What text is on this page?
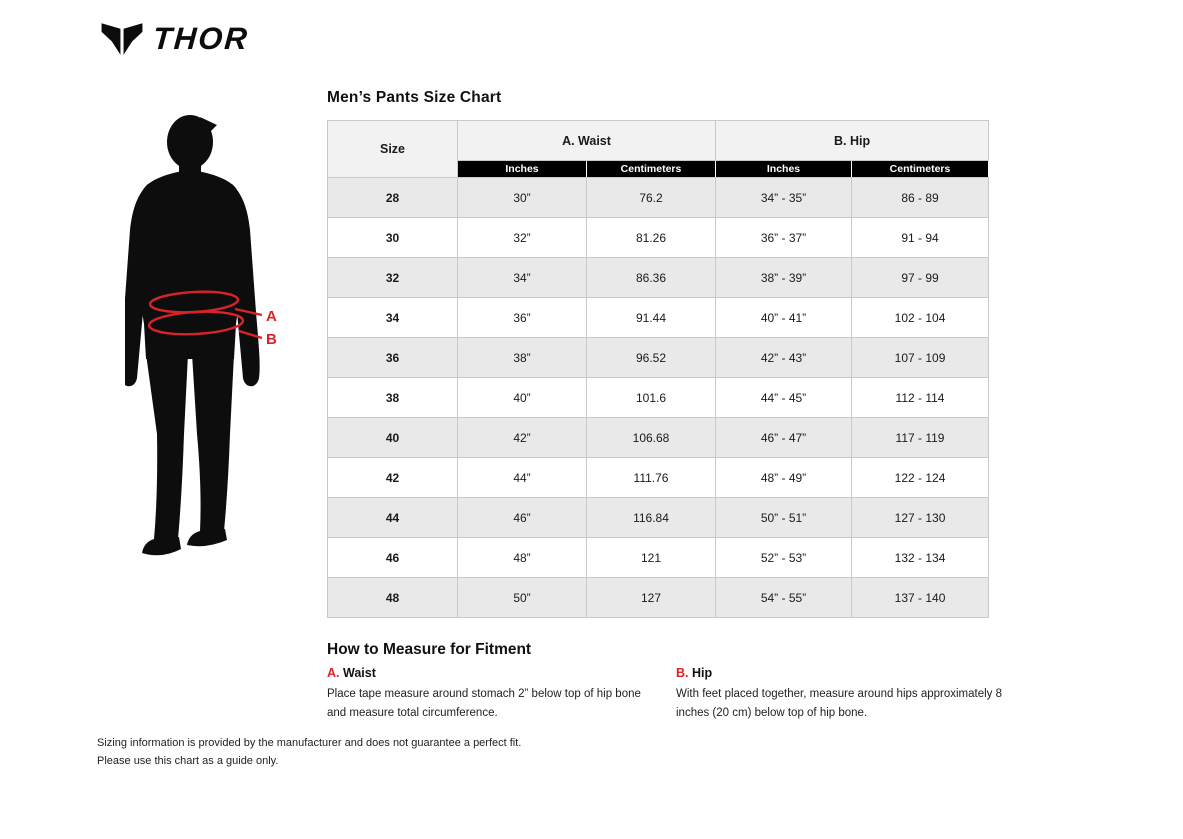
THOR
A
B
Men’s Pants Size Chart
Size	A. Waist		B. Hip	
	Inches	Centimeters	Inches	Centimeters
28	30”	76.2	34” - 35”	86 - 89
30	32”	81.26	36” - 37”	91 - 94
32	34”	86.36	38” - 39”	97 - 99
34	36”	91.44	40” - 41”	102 - 104
36	38”	96.52	42” - 43”	107 - 109
38	40”	101.6	44” - 45”	112 - 114
40	42”	106.68	46” - 47”	117 - 119
42	44”	111.76	48” - 49”	122 - 124
44	46”	116.84	50” - 51”	127 - 130
46	48”	121	52” - 53”	132 - 134
48	50”	127	54” - 55”	137 - 140
How to Measure for Fitment
A. Waist

Place tape measure around stomach 2” below top of hip bone and measure total circumference.

B. Hip

With feet placed together, measure around hips approximately 8 inches (20 cm) below top of hip bone.

Sizing information is provided by the manufacturer and does not guarantee a perfect fit.
Please use this chart as a guide only.
